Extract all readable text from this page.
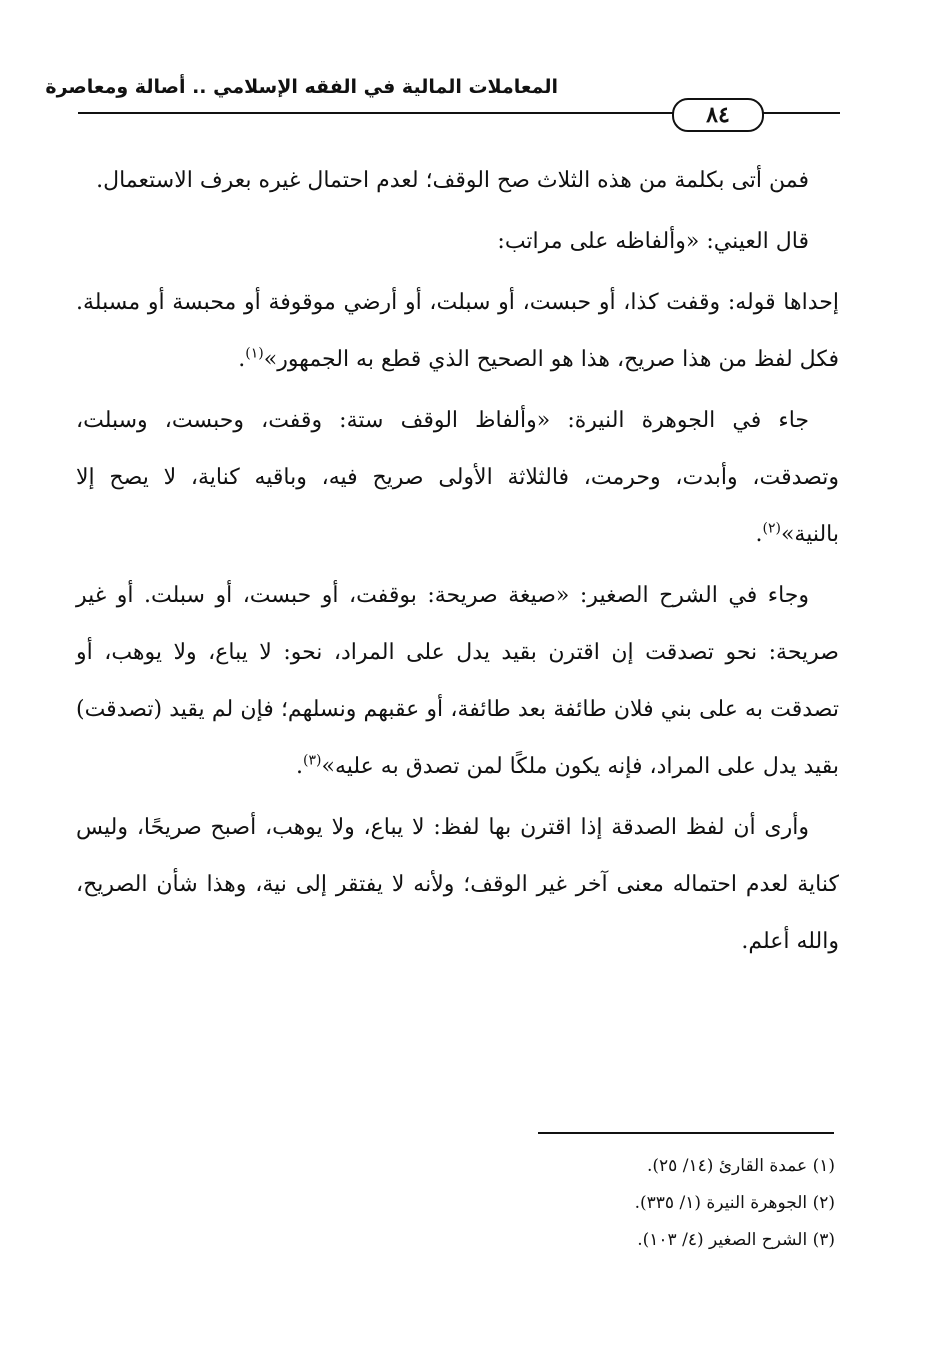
المعاملات المالية في الفقه الإسلامي .. أصالة ومعاصرة
٨٤

فمن أتى بكلمة من هذه الثلاث صح الوقف؛ لعدم احتمال غيره بعرف الاستعمال.

قال العيني: «وألفاظه على مراتب:

إحداها قوله: وقفت كذا، أو حبست، أو سبلت، أو أرضي موقوفة أو محبسة أو مسبلة. فكل لفظ من هذا صريح، هذا هو الصحيح الذي قطع به الجمهور»$^{(١)}$.

جاء في الجوهرة النيرة: «وألفاظ الوقف ستة: وقفت، وحبست، وسبلت، وتصدقت، وأبدت، وحرمت، فالثلاثة الأولى صريح فيه، وباقيه كناية، لا يصح إلا بالنية»$^{(٢)}$.

وجاء في الشرح الصغير: «صيغة صريحة: بوقفت، أو حبست، أو سبلت. أو غير صريحة: نحو تصدقت إن اقترن بقيد يدل على المراد، نحو: لا يباع، ولا يوهب، أو تصدقت به على بني فلان طائفة بعد طائفة، أو عقبهم ونسلهم؛ فإن لم يقيد (تصدقت) بقيد يدل على المراد، فإنه يكون ملكًا لمن تصدق به عليه»$^{(٣)}$.

وأرى أن لفظ الصدقة إذا اقترن بها لفظ: لا يباع، ولا يوهب، أصبح صريحًا، وليس كناية لعدم احتماله معنى آخر غير الوقف؛ ولأنه لا يفتقر إلى نية، وهذا شأن الصريح، والله أعلم.

(١) عمدة القارئ (١٤/ ٢٥).
(٢) الجوهرة النيرة (١/ ٣٣٥).
(٣) الشرح الصغير (٤/ ١٠٣).
